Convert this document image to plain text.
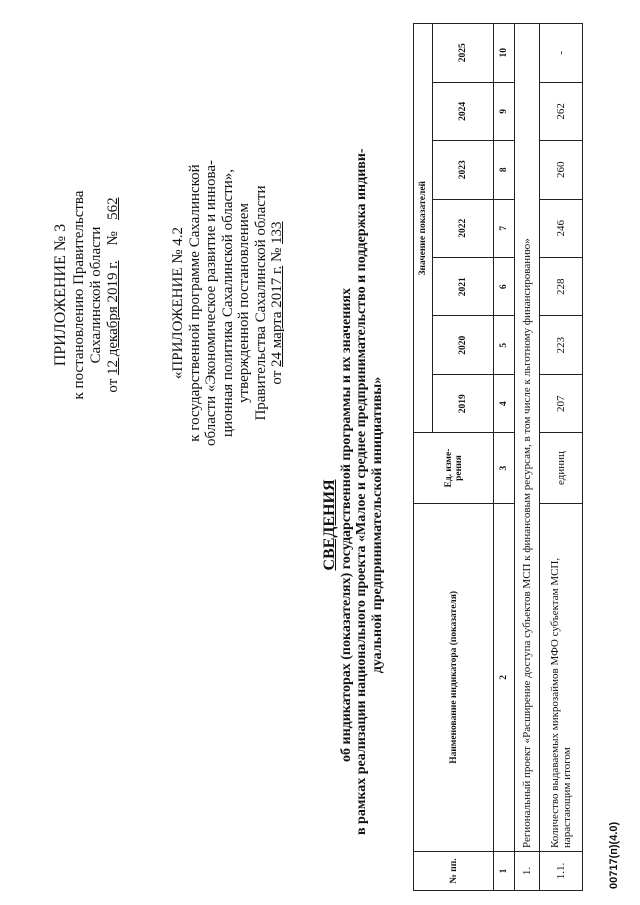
ПРИЛОЖЕНИЕ № 3 к постановлению Правительства Сахалинской области
от 12 декабря 2019 г.    №   562
«ПРИЛОЖЕНИЕ № 4.2 к государственной программе Сахалинской области «Экономическое развитие и иннова- ционная политика Сахалинской области», утвержденной постановлением Правительства Сахалинской области от 24 марта 2017 г. № 133
СВЕДЕНИЯ об индикаторах (показателях) государственной программы и их значениях в рамках реализации национального проекта «Малое и среднее предпринимательство и поддержка индиви- дуальной предпринимательской инициативы»
№ пп.	Наименование индикатора (показателя)	Ед. изме-рения	Значение показателей						
			2019	2020	2021	2022	2023	2024	2025
1	2	3	4	5	6	7	8	9	10
1.	Региональный проект «Расширение доступа субъектов МСП к финансовым ресурсам, в том числе к льготному финансированию»								
1.1.	Количество выдаваемых микрозаймов МФО субъектам МСП, нарастающим итогом	единиц	207	223	228	246	260	262	-
00717(п)(4.0)
